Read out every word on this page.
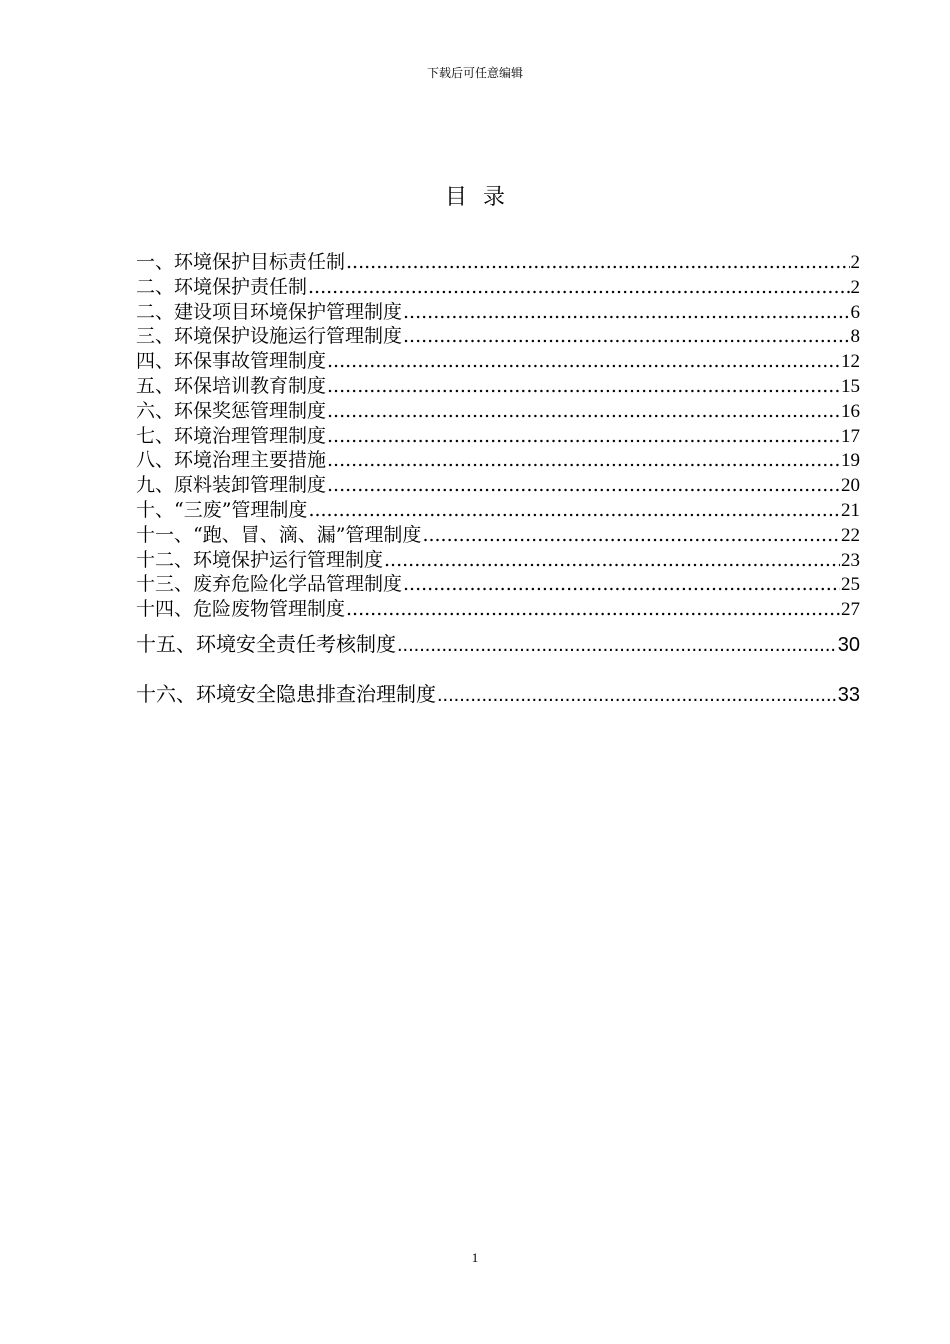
下载后可任意编辑
目录
一、环境保护目标责任制 .....	2
二、环境保护责任制 .....	2
二、建设项目环境保护管理制度 .....	6
三、环境保护设施运行管理制度 .....	8
四、环保事故管理制度 .....	12
五、环保培训教育制度 .....	15
六、环保奖惩管理制度 .....	16
七、环境治理管理制度 .....	17
八、环境治理主要措施 .....	19
九、原料装卸管理制度 .....	20
十、“三废”管理制度 .....	21
十一、“跑、冒、滴、漏”管理制度 .....	22
十二、环境保护运行管理制度 .....	23
十三、废弃危险化学品管理制度 .....	25
十四、危险废物管理制度 .....	27
十五、环境安全责任考核制度 .....	30
十六、环境安全隐患排查治理制度 .....	33
1
